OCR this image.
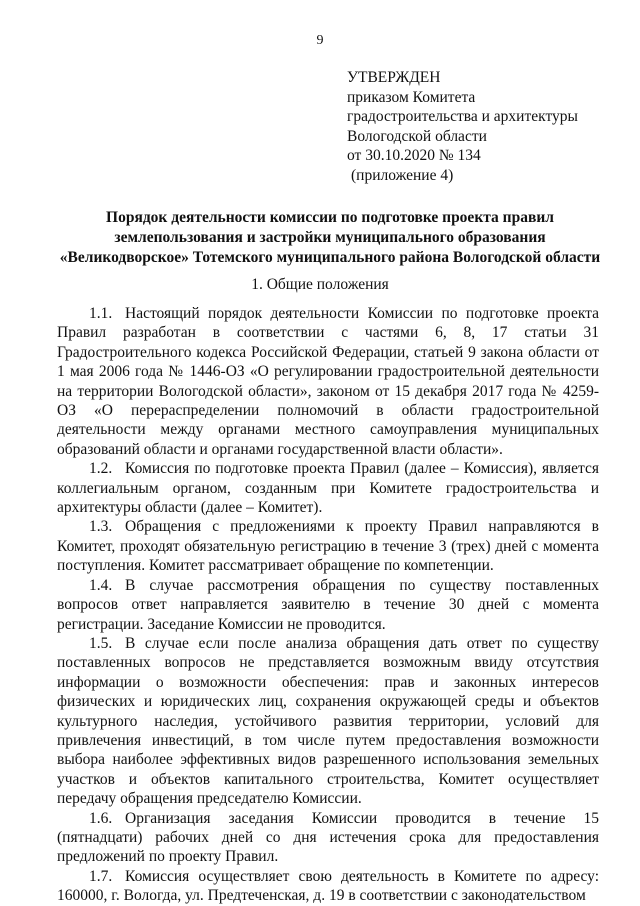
9
УТВЕРЖДЕН
приказом Комитета
градостроительства и архитектуры
Вологодской области
от 30.10.2020 № 134
(приложение 4)
Порядок деятельности комиссии по подготовке проекта правил
землепользования и застройки муниципального образования
«Великодворское» Тотемского муниципального района Вологодской области
1. Общие положения

1.1. Настоящий порядок деятельности Комиссии по подготовке проекта Правил разработан в соответствии с частями 6, 8, 17 статьи 31 Градостроительного кодекса Российской Федерации, статьей 9 закона области от 1 мая 2006 года № 1446-ОЗ «О регулировании градостроительной деятельности на территории Вологодской области», законом от 15 декабря 2017 года № 4259-ОЗ «О перераспределении полномочий в области градостроительной деятельности между органами местного самоуправления муниципальных образований области и органами государственной власти области».

1.2. Комиссия по подготовке проекта Правил (далее – Комиссия), является коллегиальным органом, созданным при Комитете градостроительства и архитектуры области (далее – Комитет).

1.3. Обращения с предложениями к проекту Правил направляются в Комитет, проходят обязательную регистрацию в течение 3 (трех) дней с момента поступления. Комитет рассматривает обращение по компетенции.

1.4. В случае рассмотрения обращения по существу поставленных вопросов ответ направляется заявителю в течение 30 дней с момента регистрации. Заседание Комиссии не проводится.

1.5. В случае если после анализа обращения дать ответ по существу поставленных вопросов не представляется возможным ввиду отсутствия информации о возможности обеспечения: прав и законных интересов физических и юридических лиц, сохранения окружающей среды и объектов культурного наследия, устойчивого развития территории, условий для привлечения инвестиций, в том числе путем предоставления возможности выбора наиболее эффективных видов разрешенного использования земельных участков и объектов капитального строительства, Комитет осуществляет передачу обращения председателю Комиссии.

1.6. Организация заседания Комиссии проводится в течение 15 (пятнадцати) рабочих дней со дня истечения срока для предоставления предложений по проекту Правил.

1.7. Комиссия осуществляет свою деятельность в Комитете по адресу: 160000, г. Вологда, ул. Предтеченская, д. 19 в соответствии с законодательством
